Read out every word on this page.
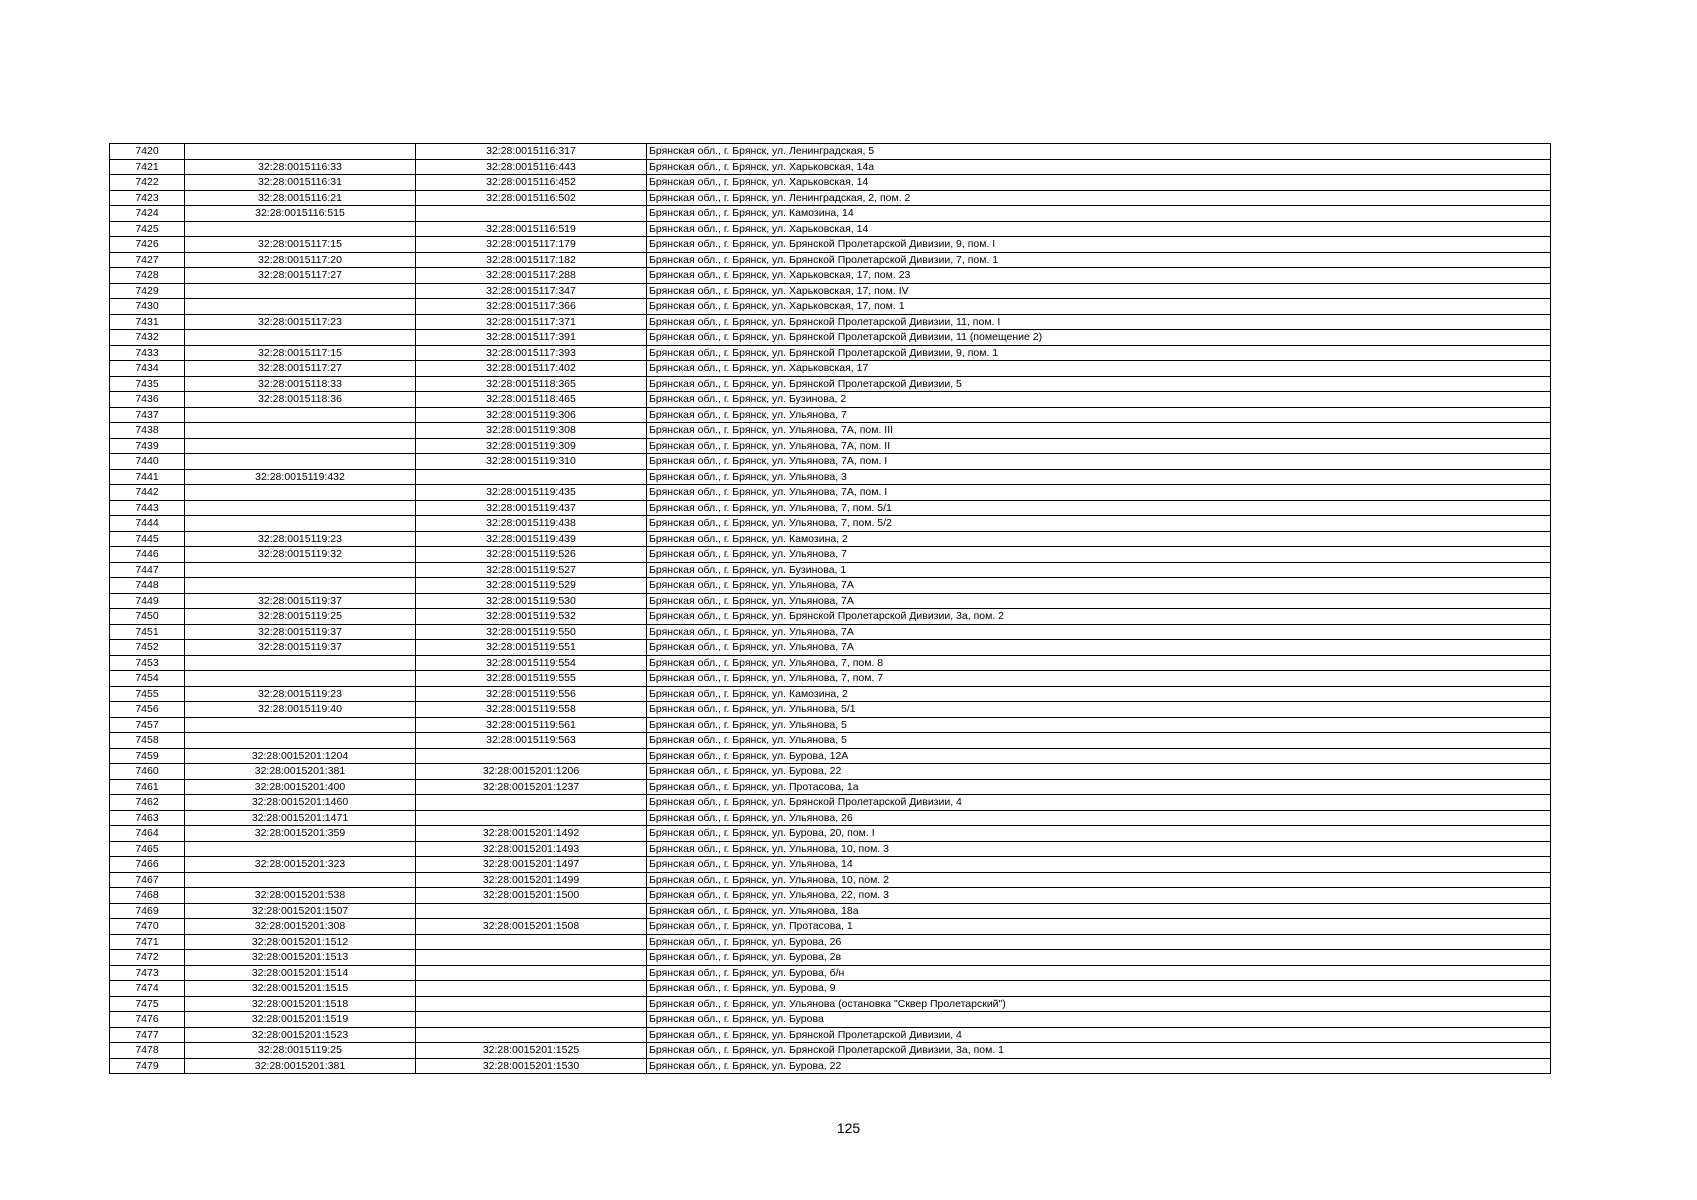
7420		32:28:0015116:317	Брянская обл., г. Брянск, ул. Ленинградская, 5
7421	32:28:0015116:33	32:28:0015116:443	Брянская обл., г. Брянск, ул. Харьковская, 14а
7422	32:28:0015116:31	32:28:0015116:452	Брянская обл., г. Брянск, ул. Харьковская, 14
7423	32:28:0015116:21	32:28:0015116:502	Брянская обл., г. Брянск, ул. Ленинградская, 2, пом. 2
7424	32:28:0015116:515		Брянская обл., г. Брянск, ул. Камозина, 14
7425		32:28:0015116:519	Брянская обл., г. Брянск, ул. Харьковская, 14
7426	32:28:0015117:15	32:28:0015117:179	Брянская обл., г. Брянск, ул. Брянской Пролетарской Дивизии, 9, пом. I
7427	32:28:0015117:20	32:28:0015117:182	Брянская обл., г. Брянск, ул. Брянской Пролетарской Дивизии, 7, пом. 1
7428	32:28:0015117:27	32:28:0015117:288	Брянская обл., г. Брянск, ул. Харьковская, 17, пом. 23
7429		32:28:0015117:347	Брянская обл., г. Брянск, ул. Харьковская, 17, пом. IV
7430		32:28:0015117:366	Брянская обл., г. Брянск, ул. Харьковская, 17, пом. 1
7431	32:28:0015117:23	32:28:0015117:371	Брянская обл., г. Брянск, ул. Брянской Пролетарской Дивизии, 11, пом. I
7432		32:28:0015117:391	Брянская обл., г. Брянск, ул. Брянской Пролетарской Дивизии, 11 (помещение 2)
7433	32:28:0015117:15	32:28:0015117:393	Брянская обл., г. Брянск, ул. Брянской Пролетарской Дивизии, 9, пом. 1
7434	32:28:0015117:27	32:28:0015117:402	Брянская обл., г. Брянск, ул. Харьковская, 17
7435	32:28:0015118:33	32:28:0015118:365	Брянская обл., г. Брянск, ул. Брянской Пролетарской Дивизии, 5
7436	32:28:0015118:36	32:28:0015118:465	Брянская обл., г. Брянск, ул. Бузинова, 2
7437		32:28:0015119:306	Брянская обл., г. Брянск, ул. Ульянова, 7
7438		32:28:0015119:308	Брянская обл., г. Брянск, ул. Ульянова, 7А, пом. III
7439		32:28:0015119:309	Брянская обл., г. Брянск, ул. Ульянова, 7А, пом. II
7440		32:28:0015119:310	Брянская обл., г. Брянск, ул. Ульянова, 7А, пом. I
7441	32:28:0015119:432		Брянская обл., г. Брянск, ул. Ульянова, 3
7442		32:28:0015119:435	Брянская обл., г. Брянск, ул. Ульянова, 7А, пом. I
7443		32:28:0015119:437	Брянская обл., г. Брянск, ул. Ульянова, 7, пом. 5/1
7444		32:28:0015119:438	Брянская обл., г. Брянск, ул. Ульянова, 7, пом. 5/2
7445	32:28:0015119:23	32:28:0015119:439	Брянская обл., г. Брянск, ул. Камозина, 2
7446	32:28:0015119:32	32:28:0015119:526	Брянская обл., г. Брянск, ул. Ульянова, 7
7447		32:28:0015119:527	Брянская обл., г. Брянск, ул. Бузинова, 1
7448		32:28:0015119:529	Брянская обл., г. Брянск, ул. Ульянова, 7А
7449	32:28:0015119:37	32:28:0015119:530	Брянская обл., г. Брянск, ул. Ульянова, 7А
7450	32:28:0015119:25	32:28:0015119:532	Брянская обл., г. Брянск, ул. Брянской Пролетарской Дивизии, 3а, пом. 2
7451	32:28:0015119:37	32:28:0015119:550	Брянская обл., г. Брянск, ул. Ульянова, 7А
7452	32:28:0015119:37	32:28:0015119:551	Брянская обл., г. Брянск, ул. Ульянова, 7А
7453		32:28:0015119:554	Брянская обл., г. Брянск, ул. Ульянова, 7, пом. 8
7454		32:28:0015119:555	Брянская обл., г. Брянск, ул. Ульянова, 7, пом. 7
7455	32:28:0015119:23	32:28:0015119:556	Брянская обл., г. Брянск, ул. Камозина, 2
7456	32:28:0015119:40	32:28:0015119:558	Брянская обл., г. Брянск, ул. Ульянова, 5/1
7457		32:28:0015119:561	Брянская обл., г. Брянск, ул. Ульянова, 5
7458		32:28:0015119:563	Брянская обл., г. Брянск, ул. Ульянова, 5
7459	32:28:0015201:1204		Брянская обл., г. Брянск, ул. Бурова, 12А
7460	32:28:0015201:381	32:28:0015201:1206	Брянская обл., г. Брянск, ул. Бурова, 22
7461	32:28:0015201:400	32:28:0015201:1237	Брянская обл., г. Брянск, ул. Протасова, 1а
7462	32:28:0015201:1460		Брянская обл., г. Брянск, ул. Брянской Пролетарской Дивизии, 4
7463	32:28:0015201:1471		Брянская обл., г. Брянск, ул. Ульянова, 26
7464	32:28:0015201:359	32:28:0015201:1492	Брянская обл., г. Брянск, ул. Бурова, 20, пом. I
7465		32:28:0015201:1493	Брянская обл., г. Брянск, ул. Ульянова, 10, пом. 3
7466	32:28:0015201:323	32:28:0015201:1497	Брянская обл., г. Брянск, ул. Ульянова, 14
7467		32:28:0015201:1499	Брянская обл., г. Брянск, ул. Ульянова, 10, пом. 2
7468	32:28:0015201:538	32:28:0015201:1500	Брянская обл., г. Брянск, ул. Ульянова, 22, пом. 3
7469	32:28:0015201:1507		Брянская обл., г. Брянск, ул. Ульянова, 18а
7470	32:28:0015201:308	32:28:0015201:1508	Брянская обл., г. Брянск, ул. Протасова, 1
7471	32:28:0015201:1512		Брянская обл., г. Брянск, ул. Бурова, 26
7472	32:28:0015201:1513		Брянская обл., г. Брянск, ул. Бурова, 2в
7473	32:28:0015201:1514		Брянская обл., г. Брянск, ул. Бурова, б/н
7474	32:28:0015201:1515		Брянская обл., г. Брянск, ул. Бурова, 9
7475	32:28:0015201:1518		Брянская обл., г. Брянск, ул. Ульянова (остановка "Сквер Пролетарский")
7476	32:28:0015201:1519		Брянская обл., г. Брянск, ул. Бурова
7477	32:28:0015201:1523		Брянская обл., г. Брянск, ул. Брянской Пролетарской Дивизии, 4
7478	32:28:0015119:25	32:28:0015201:1525	Брянская обл., г. Брянск, ул. Брянской Пролетарской Дивизии, 3а, пом. 1
7479	32:28:0015201:381	32:28:0015201:1530	Брянская обл., г. Брянск, ул. Бурова, 22
125
